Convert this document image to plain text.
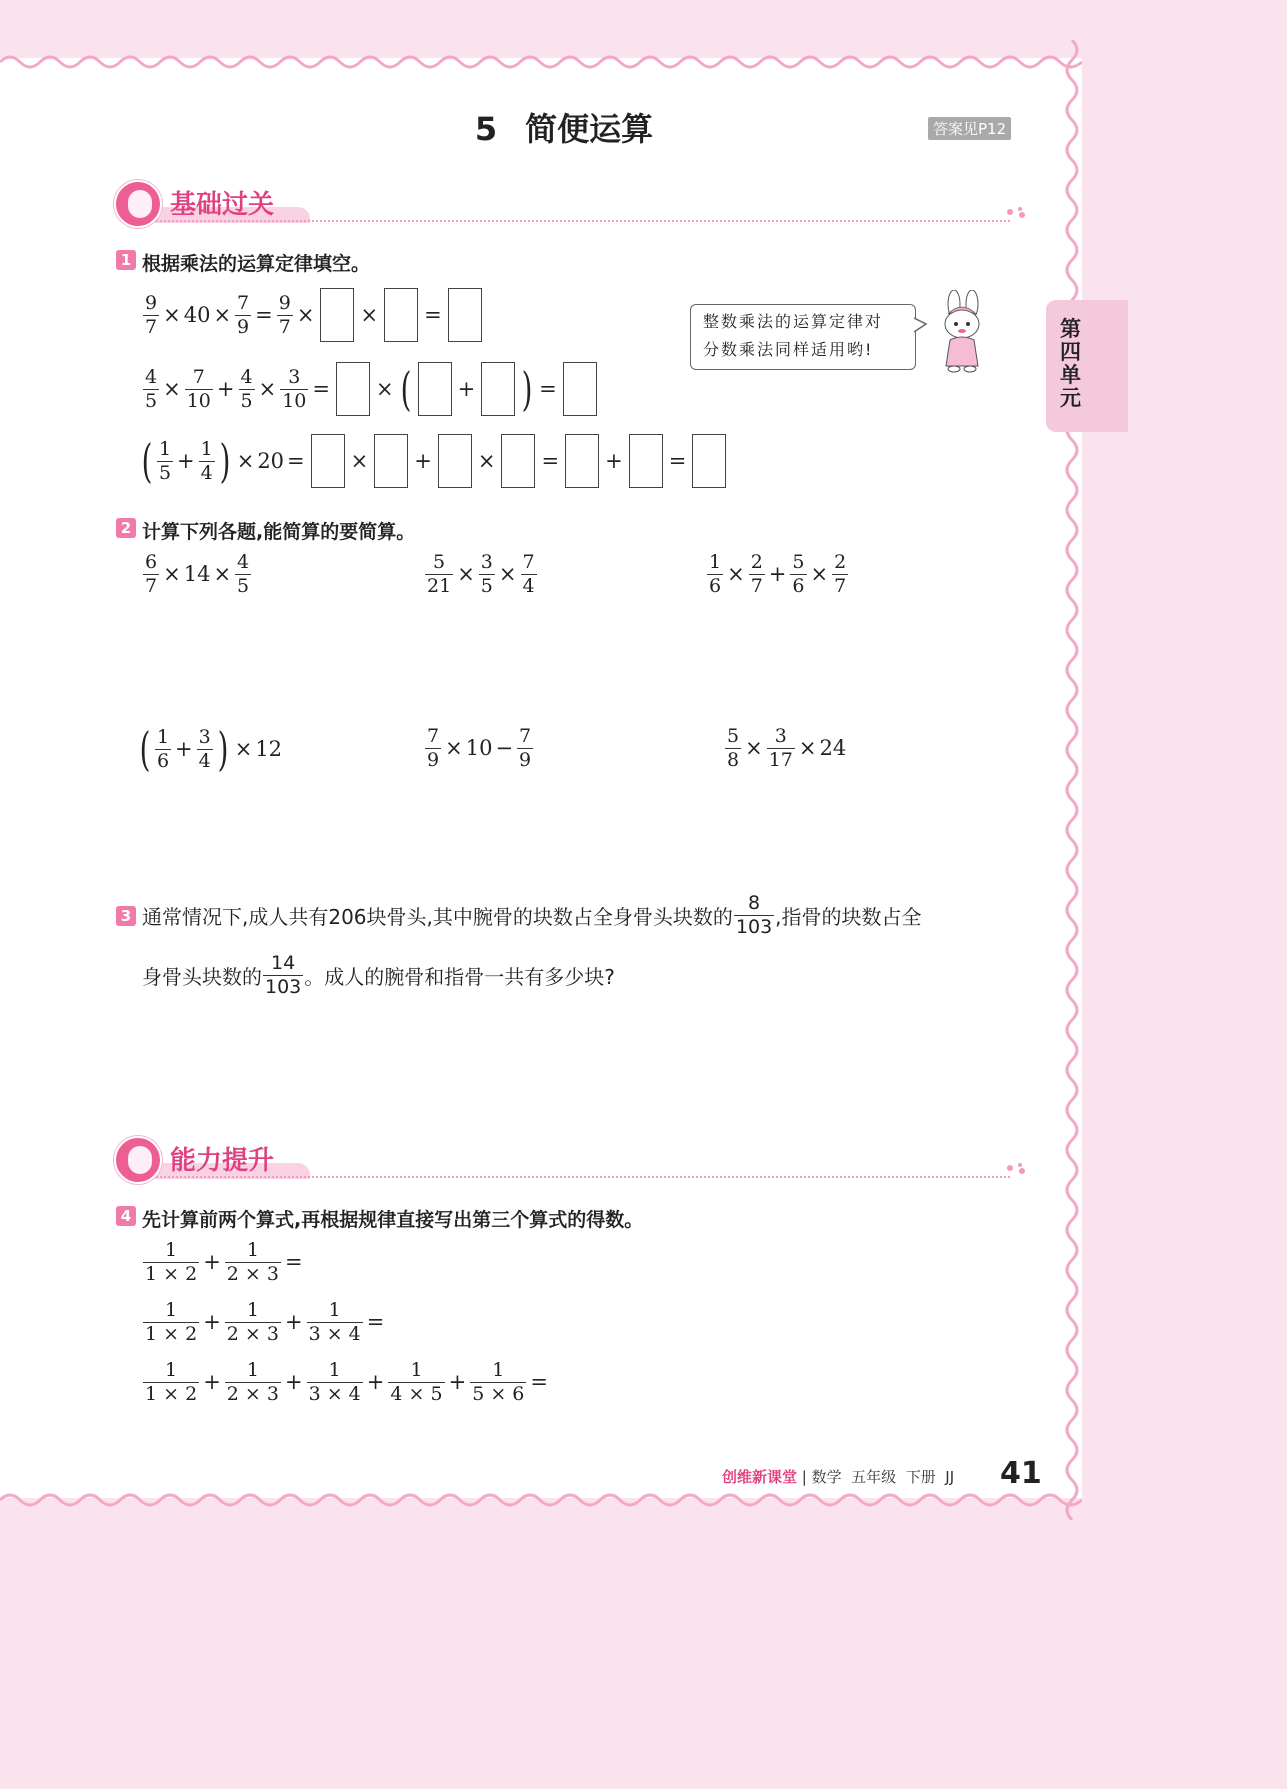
5 简便运算	答案见P12
第四单元
基础过关
1 根据乘法的运算定律填空。
$\frac{9}{7} \times 40 \times \frac{7}{9} = \frac{9}{7}$ × × =
$\frac{4}{5} \times \frac{7}{10} + \frac{4}{5} \times \frac{3}{10}$ = × ( + ) =
( $\frac{1}{5} + \frac{1}{4}$ ) × 20 = × + × = + =
整数乘法的运算定律对
分数乘法同样适用哟!
2 计算下列各题,能简算的要简算。
$\frac{6}{7} \times 14 \times \frac{4}{5}$	$\frac{5}{21} \times \frac{3}{5} \times \frac{7}{4}$	$\frac{1}{6} \times \frac{2}{7} + \frac{5}{6} \times \frac{2}{7}$
( $\frac{1}{6} + \frac{3}{4}$ ) × 12	$\frac{7}{9} \times 10 - \frac{7}{9}$	$\frac{5}{8} \times \frac{3}{17} \times 24$
3 通常情况下,成人共有206块骨头,其中腕骨的块数占全身骨头块数的 $\frac{8}{103}$ ,指骨的块数占全
身骨头块数的 $\frac{14}{103}$ 。成人的腕骨和指骨一共有多少块?
能力提升
4 先计算前两个算式,再根据规律直接写出第三个算式的得数。
$\frac{1}{1 \times 2} + \frac{1}{2 \times 3}$ =
$\frac{1}{1 \times 2} + \frac{1}{2 \times 3} + \frac{1}{3 \times 4}$ =
$\frac{1}{1 \times 2} + \frac{1}{2 \times 3} + \frac{1}{3 \times 4} + \frac{1}{4 \times 5} + \frac{1}{5 \times 6}$ =
创维新课堂 | 数学 五年级 下册 JJ 41
